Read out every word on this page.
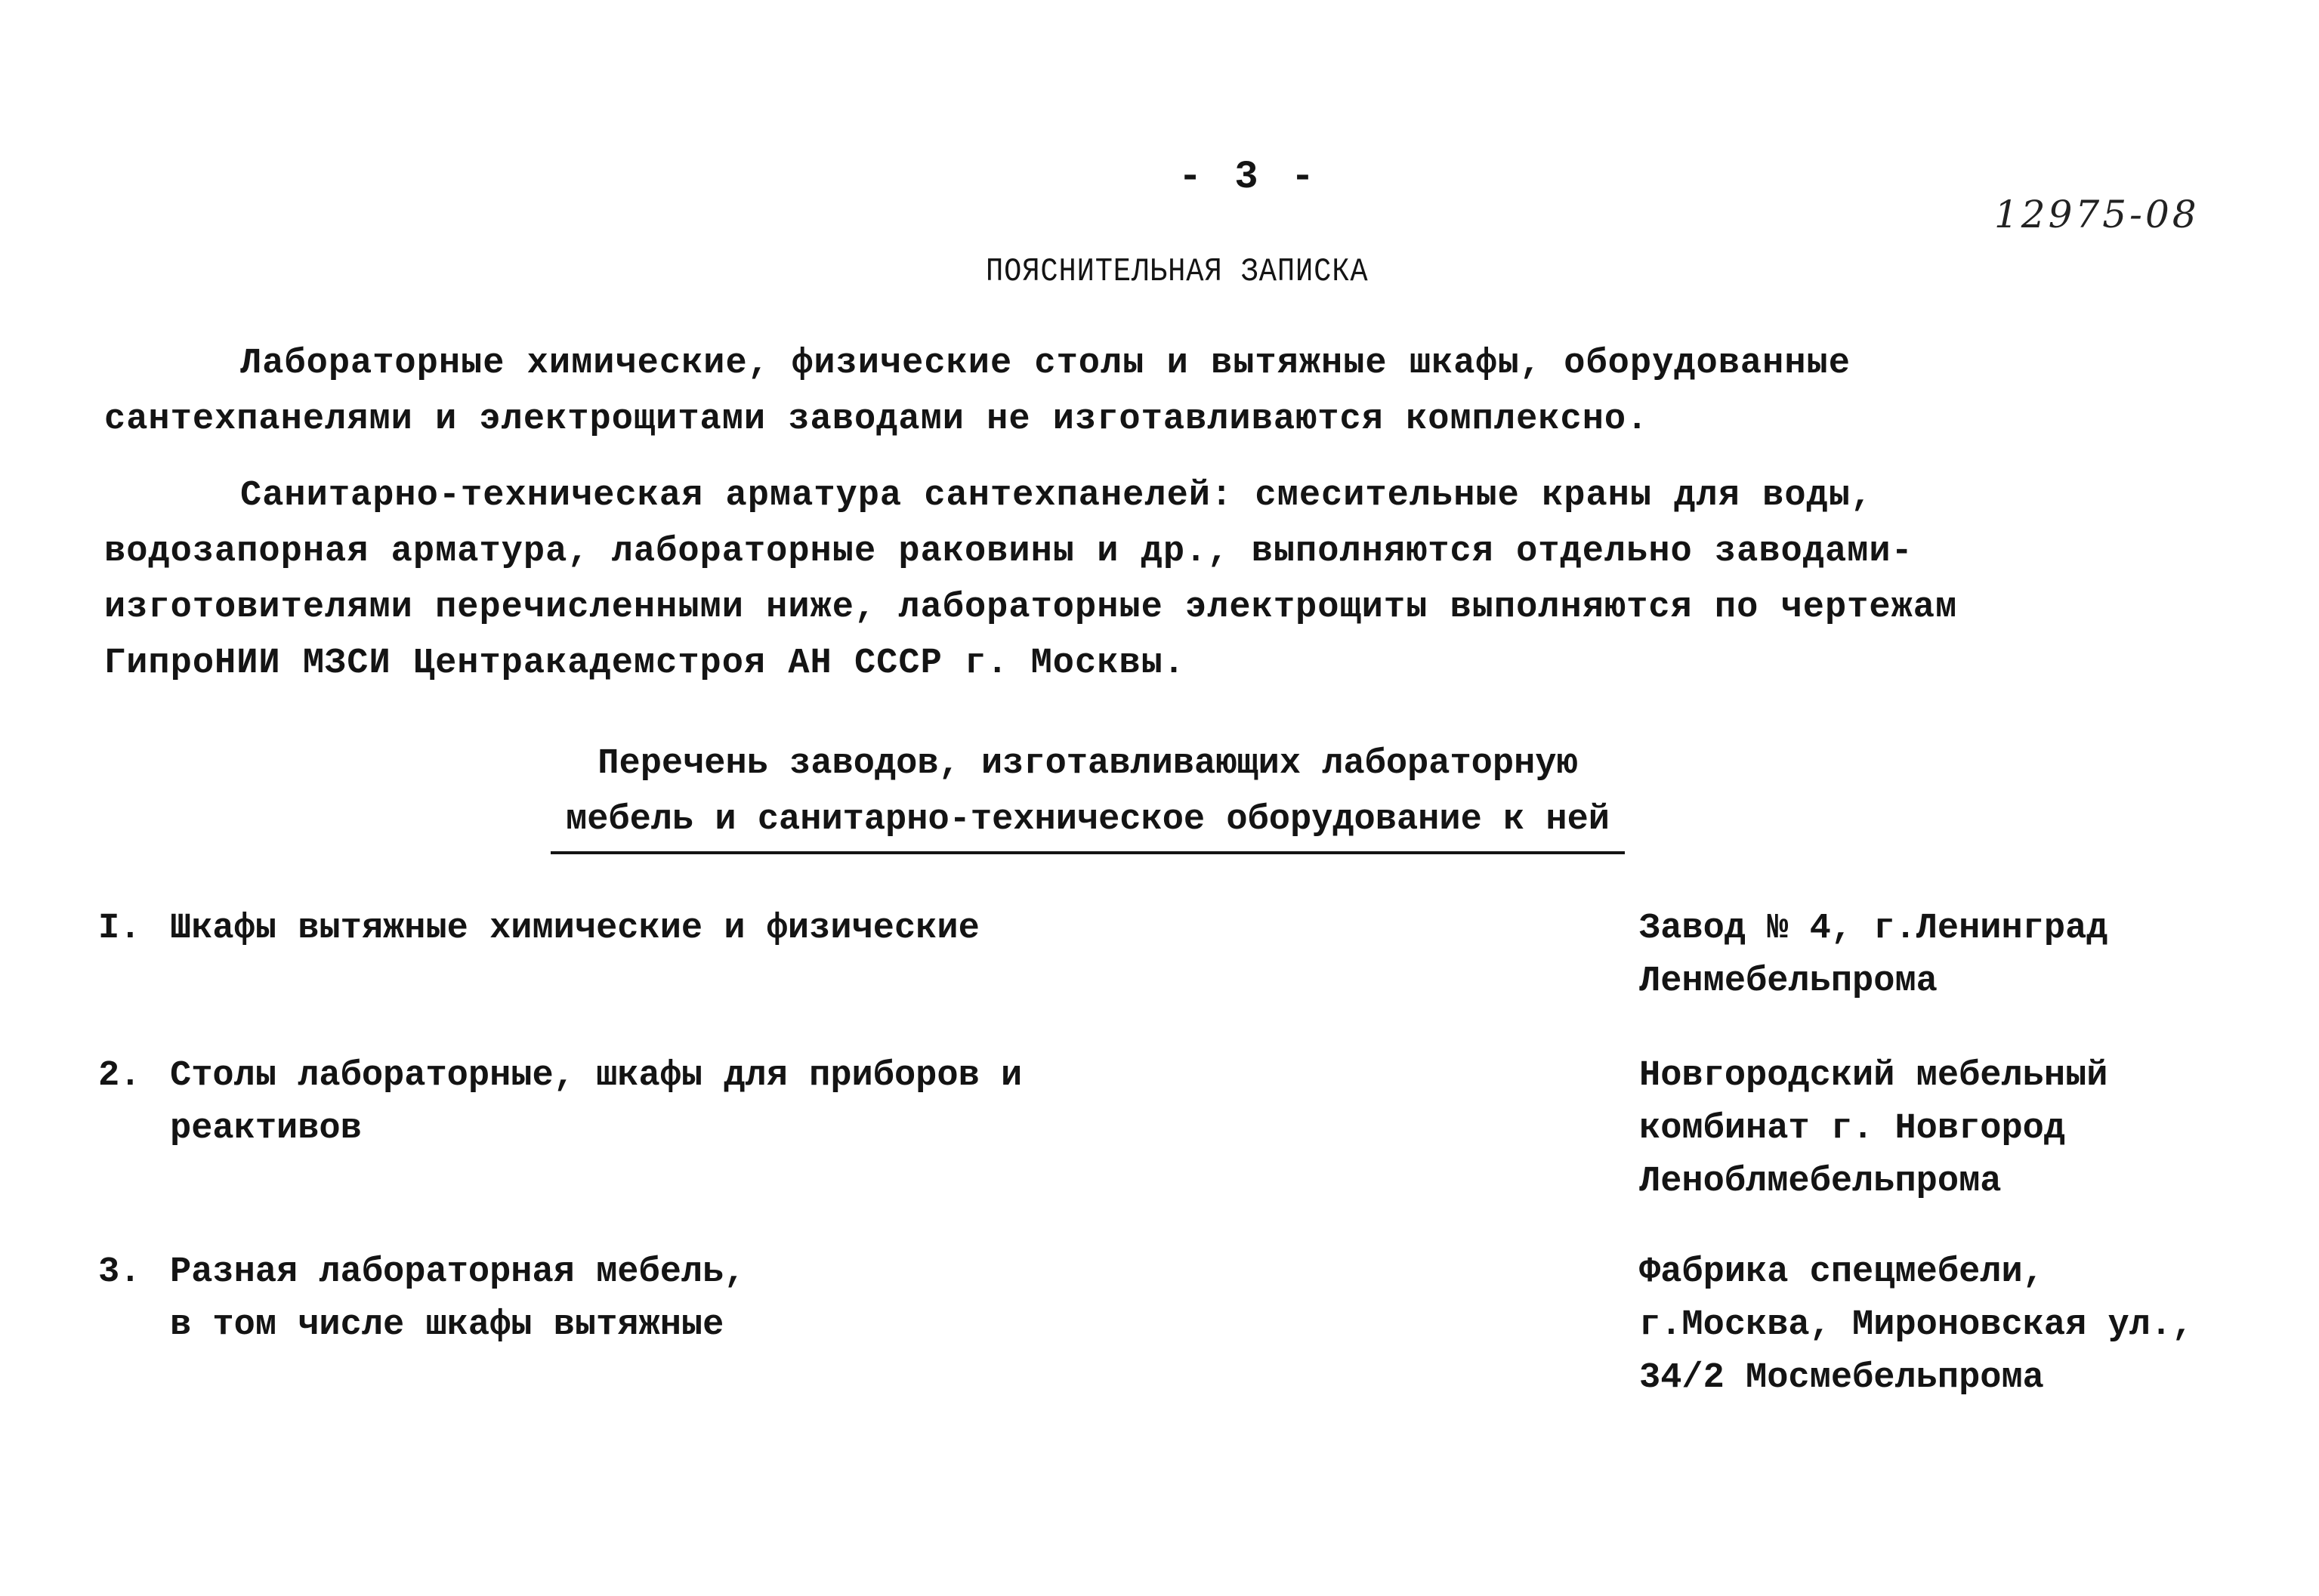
- 3 -
12975-08
ПОЯСНИТЕЛЬНАЯ ЗАПИСКА

Лабораторные химические, физические столы и вытяжные шкафы, оборудованные
сантехпанелями и электрощитами заводами не изготавливаются комплексно.

Санитарно-техническая арматура сантехпанелей: смесительные краны для воды,
водозапорная арматура, лабораторные раковины и др., выполняются отдельно заводами-
изготовителями перечисленными ниже, лабораторные электрощиты выполняются по чертежам
ГипроНИИ МЗСИ Центракадемстроя АН СССР г. Москвы.

Перечень заводов, изготавливающих лабораторную
мебель и санитарно-техническое оборудование к ней
I. Шкафы вытяжные химические и физические	Завод № 4, г.Ленинград
Ленмебельпрома
2. Столы лабораторные, шкафы для приборов и
реактивов
Новгородский мебельный
комбинат г. Новгород
Леноблмебельпрома
3. Разная лабораторная мебель,
в том числе шкафы вытяжные
Фабрика спецмебели,
г.Москва, Мироновская ул.,
34/2 Мосмебельпрома
